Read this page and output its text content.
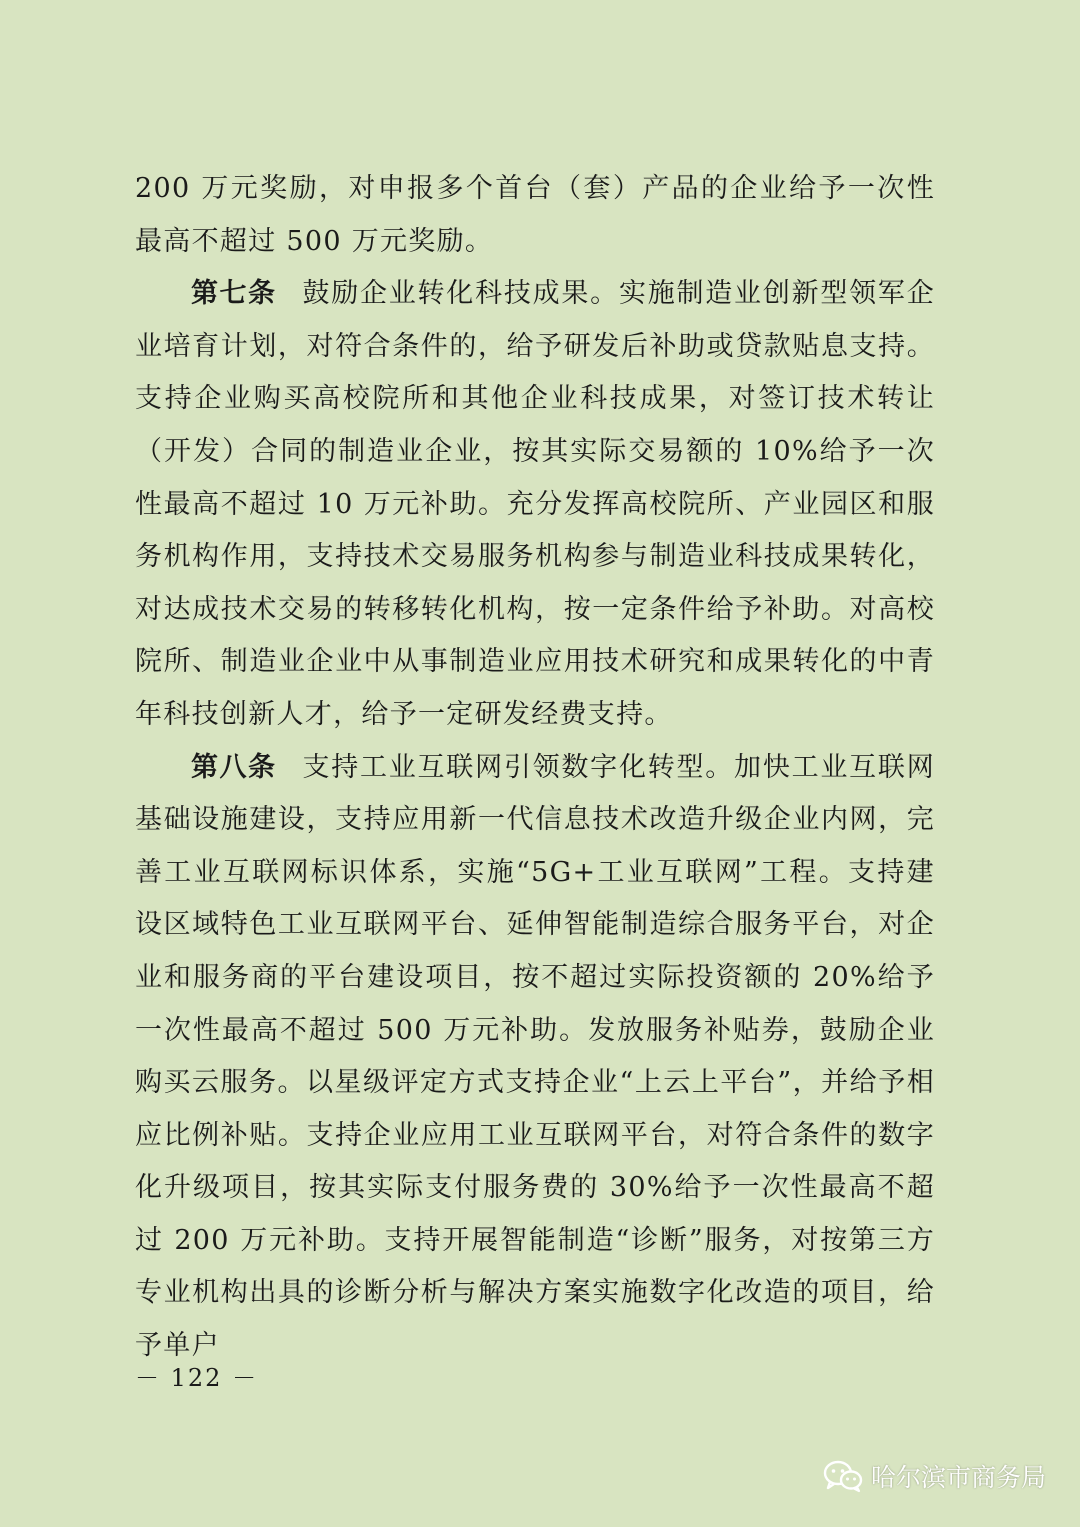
200 万元奖励，对申报多个首台（套）产品的企业给予一次性最高不超过 500 万元奖励。

第七条 鼓励企业转化科技成果。实施制造业创新型领军企业培育计划，对符合条件的，给予研发后补助或贷款贴息支持。支持企业购买高校院所和其他企业科技成果，对签订技术转让（开发）合同的制造业企业，按其实际交易额的 10%给予一次性最高不超过 10 万元补助。充分发挥高校院所、产业园区和服务机构作用，支持技术交易服务机构参与制造业科技成果转化，对达成技术交易的转移转化机构，按一定条件给予补助。对高校院所、制造业企业中从事制造业应用技术研究和成果转化的中青年科技创新人才，给予一定研发经费支持。

第八条 支持工业互联网引领数字化转型。加快工业互联网基础设施建设，支持应用新一代信息技术改造升级企业内网，完善工业互联网标识体系，实施“5G+工业互联网”工程。支持建设区域特色工业互联网平台、延伸智能制造综合服务平台，对企业和服务商的平台建设项目，按不超过实际投资额的 20%给予一次性最高不超过 500 万元补助。发放服务补贴券，鼓励企业购买云服务。以星级评定方式支持企业“上云上平台”，并给予相应比例补贴。支持企业应用工业互联网平台，对符合条件的数字化升级项目，按其实际支付服务费的 30%给予一次性最高不超过 200 万元补助。支持开展智能制造“诊断”服务，对按第三方专业机构出具的诊断分析与解决方案实施数字化改造的项目，给予单户

－ 122 －
哈尔滨市商务局
